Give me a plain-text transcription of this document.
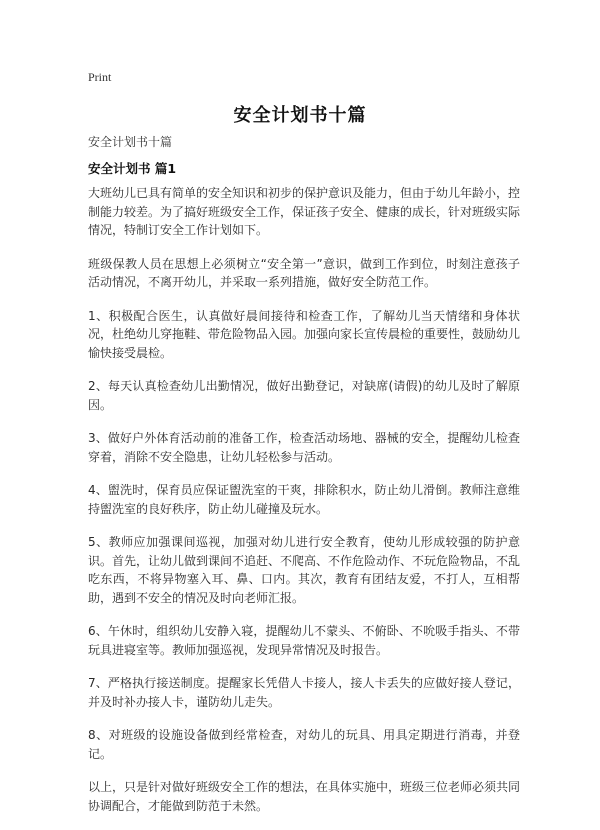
Print
安全计划书十篇
安全计划书十篇
安全计划书 篇1

大班幼儿已具有简单的安全知识和初步的保护意识及能力，但由于幼儿年龄小，控制能力较差。为了搞好班级安全工作，保证孩子安全、健康的成长，针对班级实际情况，特制订安全工作计划如下。

班级保教人员在思想上必须树立“安全第一”意识，做到工作到位，时刻注意孩子活动情况，不离开幼儿，并采取一系列措施，做好安全防范工作。

1、积极配合医生，认真做好晨间接待和检查工作，了解幼儿当天情绪和身体状况，杜绝幼儿穿拖鞋、带危险物品入园。加强向家长宣传晨检的重要性，鼓励幼儿愉快接受晨检。

2、每天认真检查幼儿出勤情况，做好出勤登记，对缺席(请假)的幼儿及时了解原因。

3、做好户外体育活动前的准备工作，检查活动场地、器械的安全，提醒幼儿检查穿着，消除不安全隐患，让幼儿轻松参与活动。

4、盥洗时，保育员应保证盥洗室的干爽，排除积水，防止幼儿滑倒。教师注意维持盥洗室的良好秩序，防止幼儿碰撞及玩水。

5、教师应加强课间巡视，加强对幼儿进行安全教育，使幼儿形成较强的防护意识。首先，让幼儿做到课间不追赶、不爬高、不作危险动作、不玩危险物品，不乱吃东西，不将异物塞入耳、鼻、口内。其次，教育有团结友爱，不打人，互相帮助，遇到不安全的情况及时向老师汇报。

6、午休时，组织幼儿安静入寝，提醒幼儿不蒙头、不俯卧、不吮吸手指头、不带玩具进寝室等。教师加强巡视，发现异常情况及时报告。

7、严格执行接送制度。提醒家长凭借人卡接人，接人卡丢失的应做好接人登记，并及时补办接人卡，谨防幼儿走失。

8、对班级的设施设备做到经常检查，对幼儿的玩具、用具定期进行消毒，并登记。

以上，只是针对做好班级安全工作的想法，在具体实施中，班级三位老师必须共同协调配合，才能做到防范于未然。
